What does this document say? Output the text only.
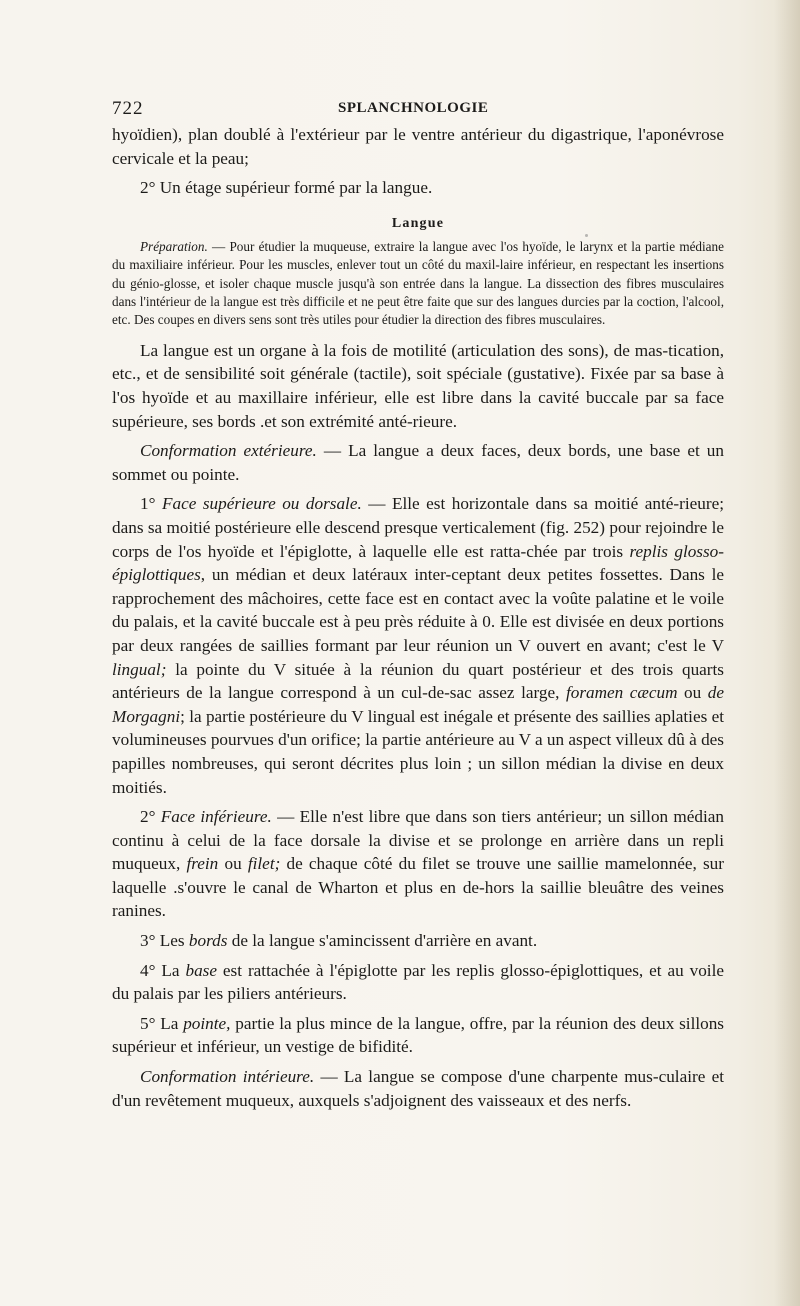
722	SPLANCHNOLOGIE

hyoïdien), plan doublé à l'extérieur par le ventre antérieur du digastrique, l'aponévrose cervicale et la peau;

2° Un étage supérieur formé par la langue.

Langue

Préparation. — Pour étudier la muqueuse, extraire la langue avec l'os hyoïde, le larynx et la partie médiane du maxiliaire inférieur. Pour les muscles, enlever tout un côté du maxil-laire inférieur, en respectant les insertions du génio-glosse, et isoler chaque muscle jusqu'à son entrée dans la langue. La dissection des fibres musculaires dans l'intérieur de la langue est très difficile et ne peut être faite que sur des langues durcies par la coction, l'alcool, etc. Des coupes en divers sens sont très utiles pour étudier la direction des fibres musculaires.

La langue est un organe à la fois de motilité (articulation des sons), de mas-tication, etc., et de sensibilité soit générale (tactile), soit spéciale (gustative). Fixée par sa base à l'os hyoïde et au maxillaire inférieur, elle est libre dans la cavité buccale par sa face supérieure, ses bords .et son extrémité anté-rieure.

Conformation extérieure. — La langue a deux faces, deux bords, une base et un sommet ou pointe.

1° Face supérieure ou dorsale. — Elle est horizontale dans sa moitié anté-rieure; dans sa moitié postérieure elle descend presque verticalement (fig. 252) pour rejoindre le corps de l'os hyoïde et l'épiglotte, à laquelle elle est ratta-chée par trois replis glosso-épiglottiques, un médian et deux latéraux inter-ceptant deux petites fossettes. Dans le rapprochement des mâchoires, cette face est en contact avec la voûte palatine et le voile du palais, et la cavité buccale est à peu près réduite à 0. Elle est divisée en deux portions par deux rangées de saillies formant par leur réunion un V ouvert en avant; c'est le V lingual; la pointe du V située à la réunion du quart postérieur et des trois quarts antérieurs de la langue correspond à un cul-de-sac assez large, foramen cæcum ou de Morgagni; la partie postérieure du V lingual est inégale et présente des saillies aplaties et volumineuses pourvues d'un orifice; la partie antérieure au V a un aspect villeux dû à des papilles nombreuses, qui seront décrites plus loin ; un sillon médian la divise en deux moitiés.

2° Face inférieure. — Elle n'est libre que dans son tiers antérieur; un sillon médian continu à celui de la face dorsale la divise et se prolonge en arrière dans un repli muqueux, frein ou filet; de chaque côté du filet se trouve une saillie mamelonnée, sur laquelle .s'ouvre le canal de Wharton et plus en de-hors la saillie bleuâtre des veines ranines.

3° Les bords de la langue s'amincissent d'arrière en avant.

4° La base est rattachée à l'épiglotte par les replis glosso-épiglottiques, et au voile du palais par les piliers antérieurs.

5° La pointe, partie la plus mince de la langue, offre, par la réunion des deux sillons supérieur et inférieur, un vestige de bifidité.

Conformation intérieure. — La langue se compose d'une charpente mus-culaire et d'un revêtement muqueux, auxquels s'adjoignent des vaisseaux et des nerfs.
